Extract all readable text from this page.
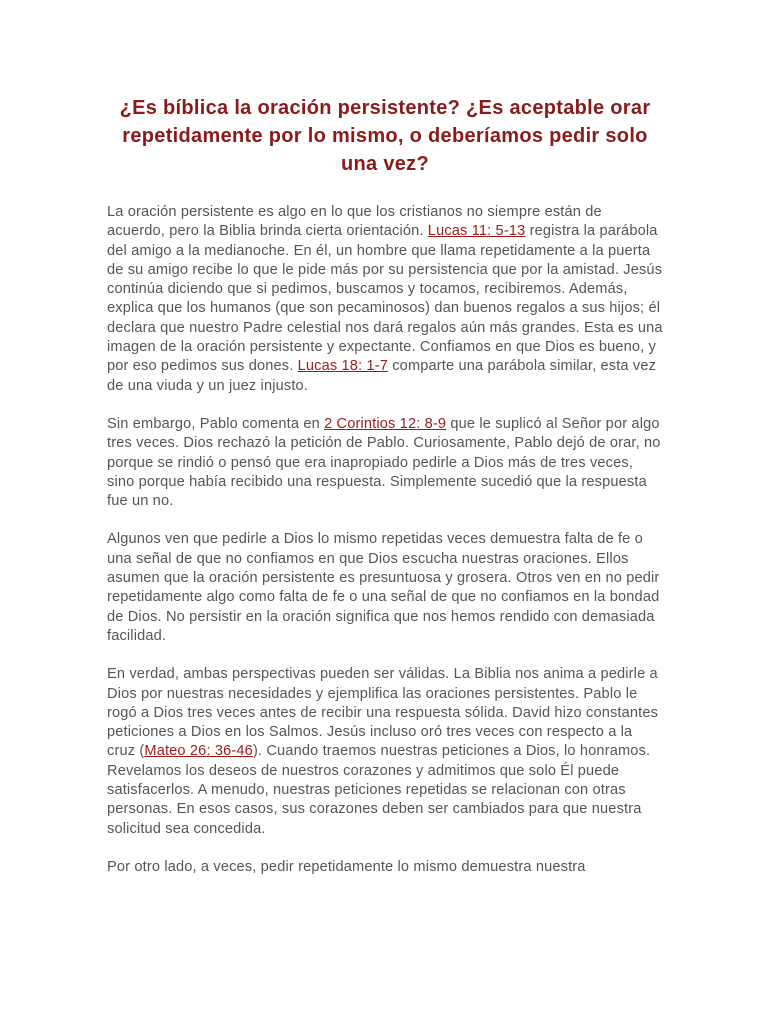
¿Es bíblica la oración persistente? ¿Es aceptable orar repetidamente por lo mismo, o deberíamos pedir solo una vez?

La oración persistente es algo en lo que los cristianos no siempre están de acuerdo, pero la Biblia brinda cierta orientación. Lucas 11: 5-13 registra la parábola del amigo a la medianoche. En él, un hombre que llama repetidamente a la puerta de su amigo recibe lo que le pide más por su persistencia que por la amistad. Jesús continúa diciendo que si pedimos, buscamos y tocamos, recibiremos. Además, explica que los humanos (que son pecaminosos) dan buenos regalos a sus hijos; él declara que nuestro Padre celestial nos dará regalos aún más grandes. Esta es una imagen de la oración persistente y expectante. Confiamos en que Dios es bueno, y por eso pedimos sus dones. Lucas 18: 1-7 comparte una parábola similar, esta vez de una viuda y un juez injusto.

Sin embargo, Pablo comenta en 2 Corintios 12: 8-9 que le suplicó al Señor por algo tres veces. Dios rechazó la petición de Pablo. Curiosamente, Pablo dejó de orar, no porque se rindió o pensó que era inapropiado pedirle a Dios más de tres veces, sino porque había recibido una respuesta. Simplemente sucedió que la respuesta fue un no.

Algunos ven que pedirle a Dios lo mismo repetidas veces demuestra falta de fe o una señal de que no confiamos en que Dios escucha nuestras oraciones. Ellos asumen que la oración persistente es presuntuosa y grosera. Otros ven en no pedir repetidamente algo como falta de fe o una señal de que no confiamos en la bondad de Dios. No persistir en la oración significa que nos hemos rendido con demasiada facilidad.

En verdad, ambas perspectivas pueden ser válidas. La Biblia nos anima a pedirle a Dios por nuestras necesidades y ejemplifica las oraciones persistentes. Pablo le rogó a Dios tres veces antes de recibir una respuesta sólida. David hizo constantes peticiones a Dios en los Salmos. Jesús incluso oró tres veces con respecto a la cruz (Mateo 26: 36-46). Cuando traemos nuestras peticiones a Dios, lo honramos. Revelamos los deseos de nuestros corazones y admitimos que solo Él puede satisfacerlos. A menudo, nuestras peticiones repetidas se relacionan con otras personas. En esos casos, sus corazones deben ser cambiados para que nuestra solicitud sea concedida.

Por otro lado, a veces, pedir repetidamente lo mismo demuestra nuestra
